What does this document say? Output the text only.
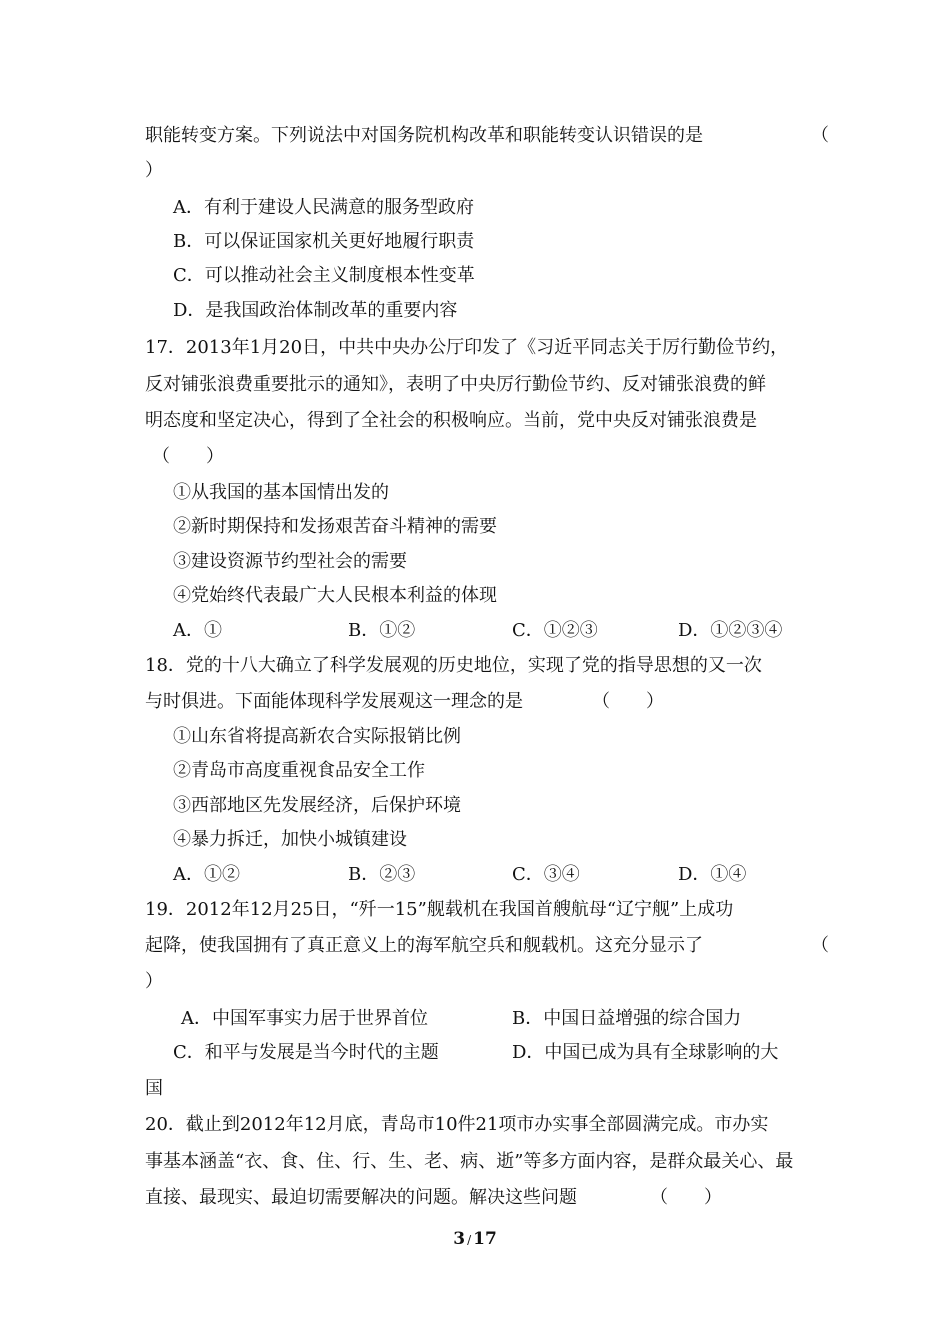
职能转变方案。下列说法中对国务院机构改革和职能转变认识错误的是	（
）
A．有利于建设人民满意的服务型政府
B．可以保证国家机关更好地履行职责
C．可以推动社会主义制度根本性变革
D．是我国政治体制改革的重要内容
17．2013年1月20日，中共中央办公厅印发了《习近平同志关于厉行勤俭节约，
反对铺张浪费重要批示的通知》，表明了中央厉行勤俭节约、反对铺张浪费的鲜
明态度和坚定决心，得到了全社会的积极响应。当前，党中央反对铺张浪费是
（　　）
①从我国的基本国情出发的
②新时期保持和发扬艰苦奋斗精神的需要
③建设资源节约型社会的需要
④党始终代表最广大人民根本利益的体现
A．①	B．①②	C．①②③	D．①②③④
18．党的十八大确立了科学发展观的历史地位，实现了党的指导思想的又一次
与时俱进。下面能体现科学发展观这一理念的是	（　　）
①山东省将提高新农合实际报销比例
②青岛市高度重视食品安全工作
③西部地区先发展经济，后保护环境
④暴力拆迁，加快小城镇建设
A．①②	B．②③	C．③④	D．①④
19．2012年12月25日，“歼一15”舰载机在我国首艘航母“辽宁舰”上成功
起降，使我国拥有了真正意义上的海军航空兵和舰载机。这充分显示了	（
）
A．中国军事实力居于世界首位	B．中国日益增强的综合国力
C．和平与发展是当今时代的主题	D．中国已成为具有全球影响的大
国
20．截止到2012年12月底，青岛市10件21项市办实事全部圆满完成。市办实
事基本涵盖“衣、食、住、行、生、老、病、逝”等多方面内容，是群众最关心、最
直接、最现实、最迫切需要解决的问题。解决这些问题	（　　）
3 / 17
